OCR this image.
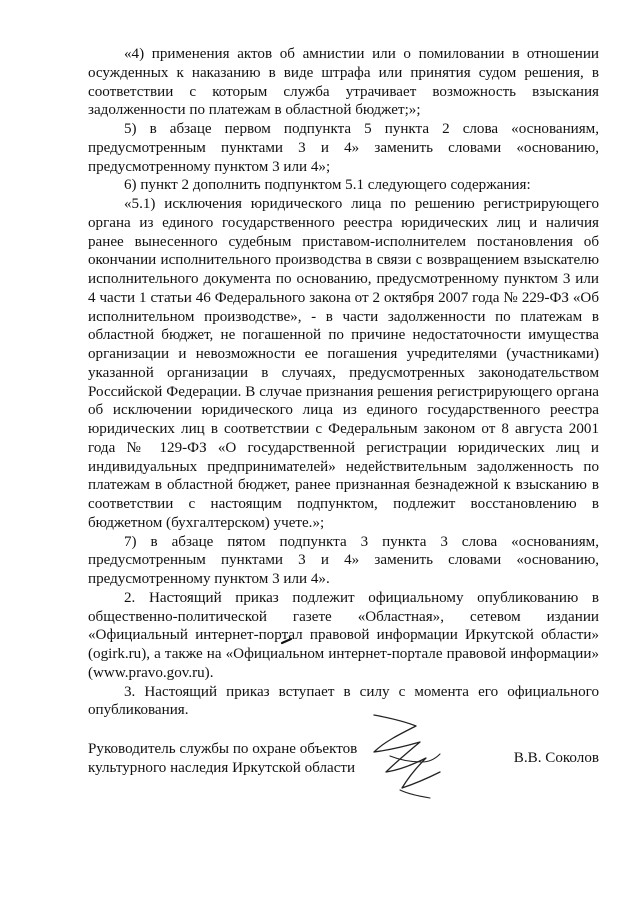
«4) применения актов об амнистии или о помиловании в отношении осужденных к наказанию в виде штрафа или принятия судом решения, в соответствии с которым служба утрачивает возможность взыскания задолженности по платежам в областной бюджет;»;

5) в абзаце первом подпункта 5 пункта 2 слова «основаниям, предусмотренным пунктами 3 и 4» заменить словами «основанию, предусмотренному пунктом 3 или 4»;

6) пункт 2 дополнить подпунктом 5.1 следующего содержания:

«5.1) исключения юридического лица по решению регистрирующего органа из единого государственного реестра юридических лиц и наличия ранее вынесенного судебным приставом-исполнителем постановления об окончании исполнительного производства в связи с возвращением взыскателю исполнительного документа по основанию, предусмотренному пунктом 3 или 4 части 1 статьи 46 Федерального закона от 2 октября 2007 года № 229-ФЗ «Об исполнительном производстве», - в части задолженности по платежам в областной бюджет, не погашенной по причине недостаточности имущества организации и невозможности ее погашения учредителями (участниками) указанной организации в случаях, предусмотренных законодательством Российской Федерации. В случае признания решения регистрирующего органа об исключении юридического лица из единого государственного реестра юридических лиц в соответствии с Федеральным законом от 8 августа 2001 года № 129-ФЗ «О государственной регистрации юридических лиц и индивидуальных предпринимателей» недействительным задолженность по платежам в областной бюджет, ранее признанная безнадежной к взысканию в соответствии с настоящим подпунктом, подлежит восстановлению в бюджетном (бухгалтерском) учете.»;

7) в абзаце пятом подпункта 3 пункта 3 слова «основаниям, предусмотренным пунктами 3 и 4» заменить словами «основанию, предусмотренному пунктом 3 или 4».

2. Настоящий приказ подлежит официальному опубликованию в общественно-политической газете «Областная», сетевом издании «Официальный интернет-портал правовой информации Иркутской области» (ogirk.ru), а также на «Официальном интернет-портале правовой информации» (www.pravo.gov.ru).

3. Настоящий приказ вступает в силу с момента его официального опубликования.

Руководитель службы по охране объектов
культурного наследия Иркутской области
В.В. Соколов
